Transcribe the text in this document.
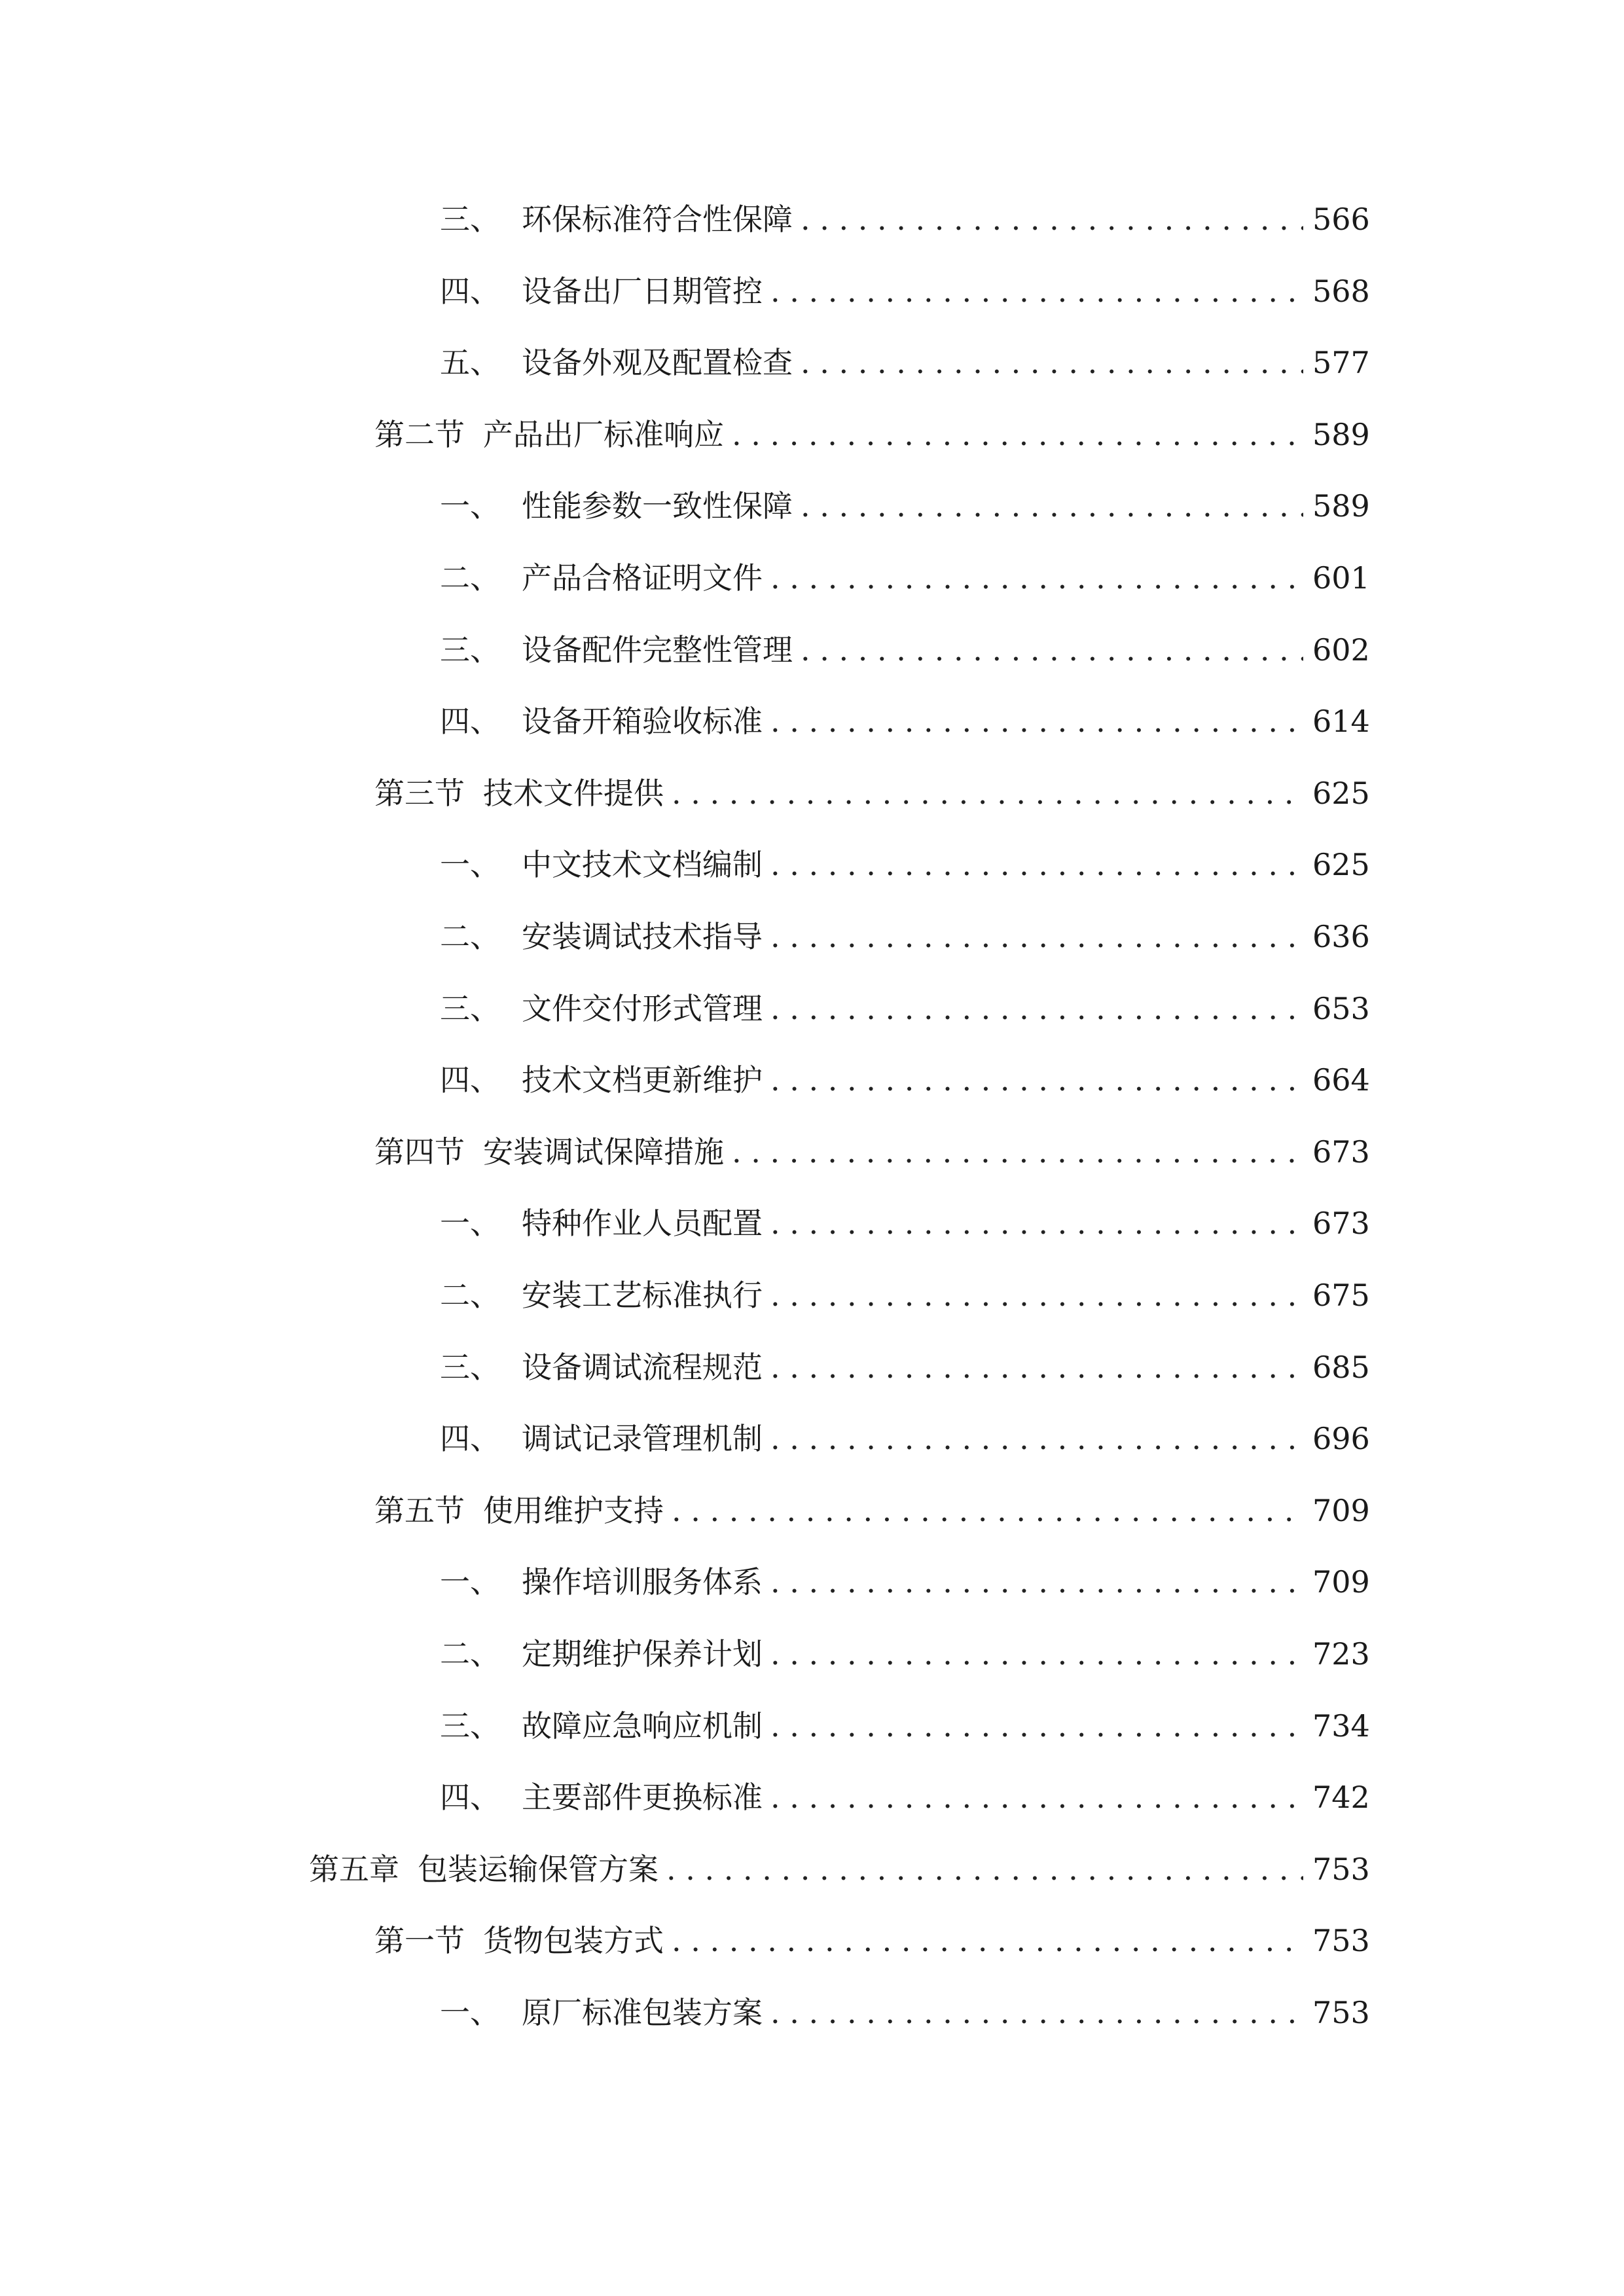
三、 环保标准符合性保障 . . .	566
四、 设备出厂日期管控 . . .	568
五、 设备外观及配置检查 . . .	577
第二节 产品出厂标准响应 . . .	589
一、 性能参数一致性保障 . . .	589
二、 产品合格证明文件 . . .	601
三、 设备配件完整性管理 . . .	602
四、 设备开箱验收标准 . . .	614
第三节 技术文件提供 . . .	625
一、 中文技术文档编制 . . .	625
二、 安装调试技术指导 . . .	636
三、 文件交付形式管理 . . .	653
四、 技术文档更新维护 . . .	664
第四节 安装调试保障措施 . . .	673
一、 特种作业人员配置 . . .	673
二、 安装工艺标准执行 . . .	675
三、 设备调试流程规范 . . .	685
四、 调试记录管理机制 . . .	696
第五节 使用维护支持 . . .	709
一、 操作培训服务体系 . . .	709
二、 定期维护保养计划 . . .	723
三、 故障应急响应机制 . . .	734
四、 主要部件更换标准 . . .	742
第五章 包装运输保管方案 . . .	753
第一节 货物包装方式 . . .	753
一、 原厂标准包装方案 . . .	753
